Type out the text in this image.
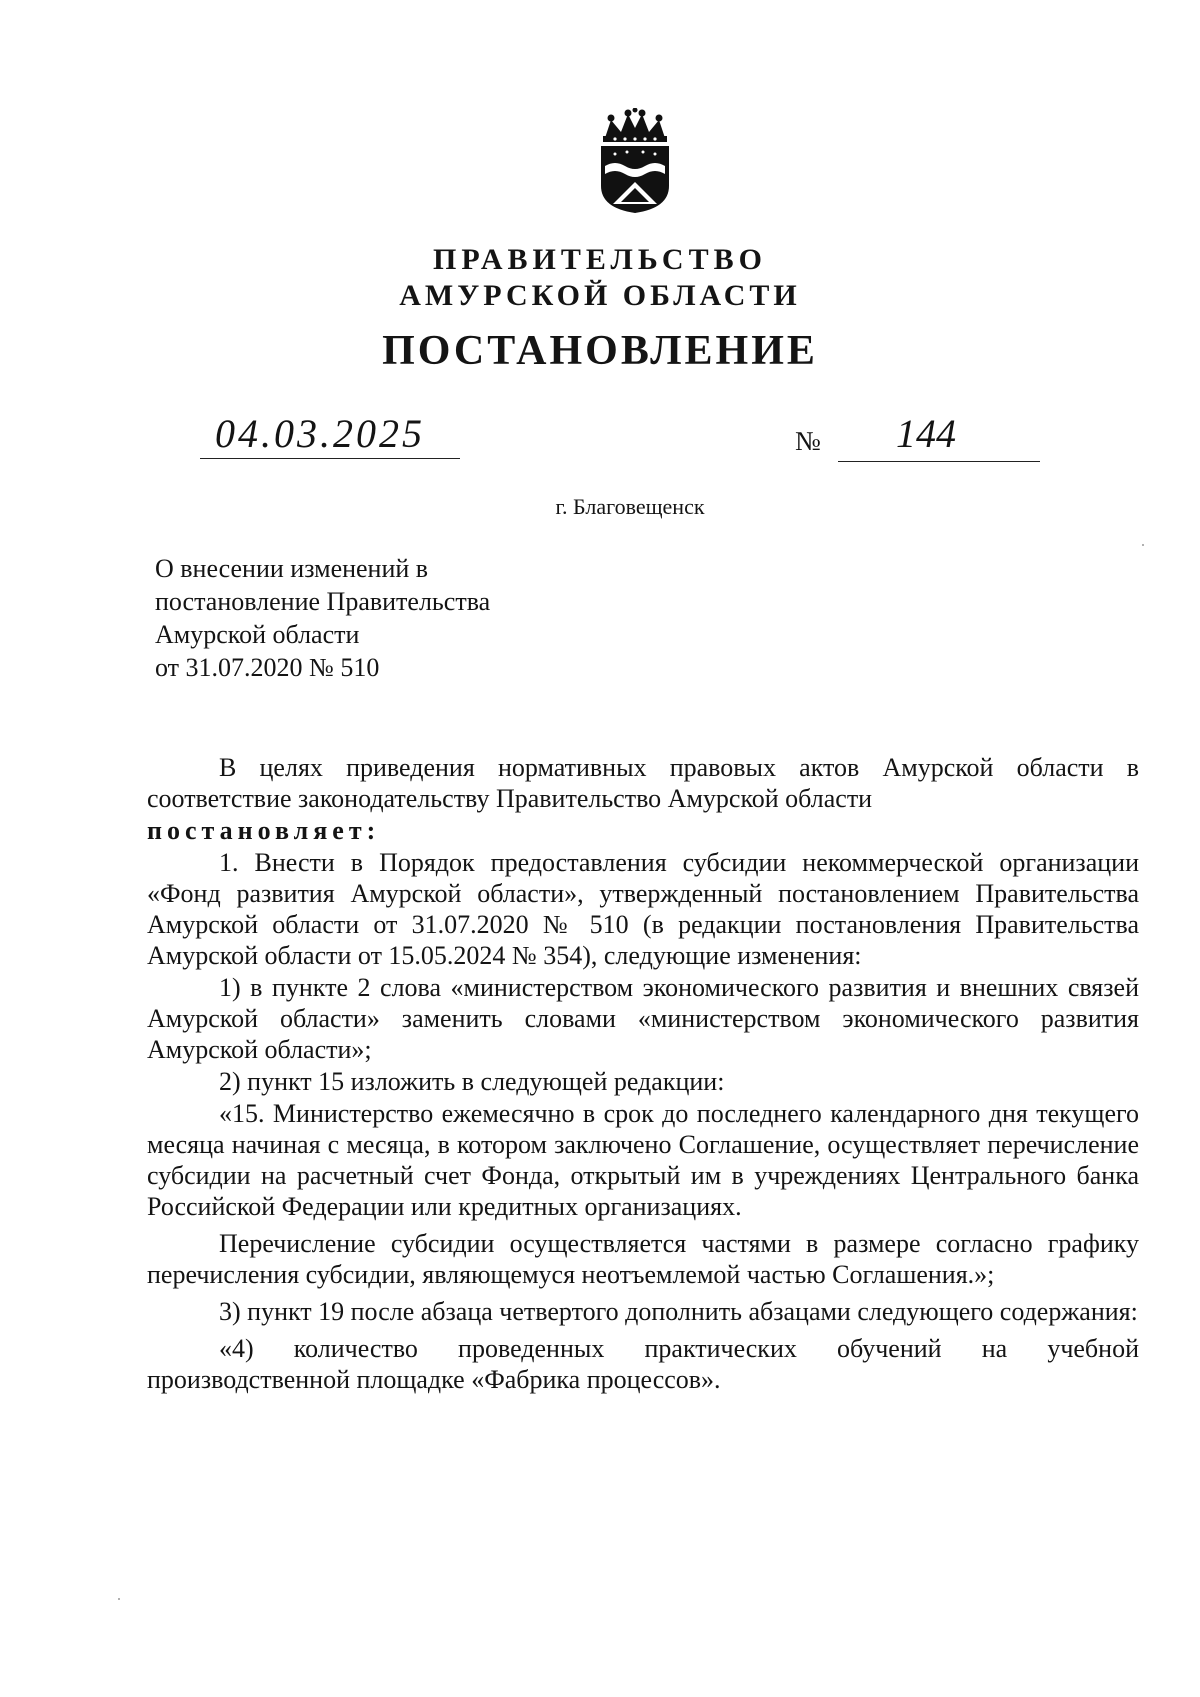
ПРАВИТЕЛЬСТВО
АМУРСКОЙ ОБЛАСТИ
ПОСТАНОВЛЕНИЕ
04.03.2025	№ 144
г. Благовещенск
О внесении изменений в
постановление Правительства
Амурской области
от 31.07.2020 № 510

В целях приведения нормативных правовых актов Амурской области в соответствие законодательству Правительство Амурской области

постановляет:

1. Внести в Порядок предоставления субсидии некоммерческой организации «Фонд развития Амурской области», утвержденный постановлением Правительства Амурской области от 31.07.2020 № 510 (в редакции постановления Правительства Амурской области от 15.05.2024 № 354), следующие изменения:

1) в пункте 2 слова «министерством экономического развития и внешних связей Амурской области» заменить словами «министерством экономического развития Амурской области»;

2) пункт 15 изложить в следующей редакции:

«15. Министерство ежемесячно в срок до последнего календарного дня текущего месяца начиная с месяца, в котором заключено Соглашение, осуществляет перечисление субсидии на расчетный счет Фонда, открытый им в учреждениях Центрального банка Российской Федерации или кредитных организациях.

Перечисление субсидии осуществляется частями в размере согласно графику перечисления субсидии, являющемуся неотъемлемой частью Соглашения.»;

3) пункт 19 после абзаца четвертого дополнить абзацами следующего содержания:

«4) количество проведенных практических обучений на учебной производственной площадке «Фабрика процессов».
